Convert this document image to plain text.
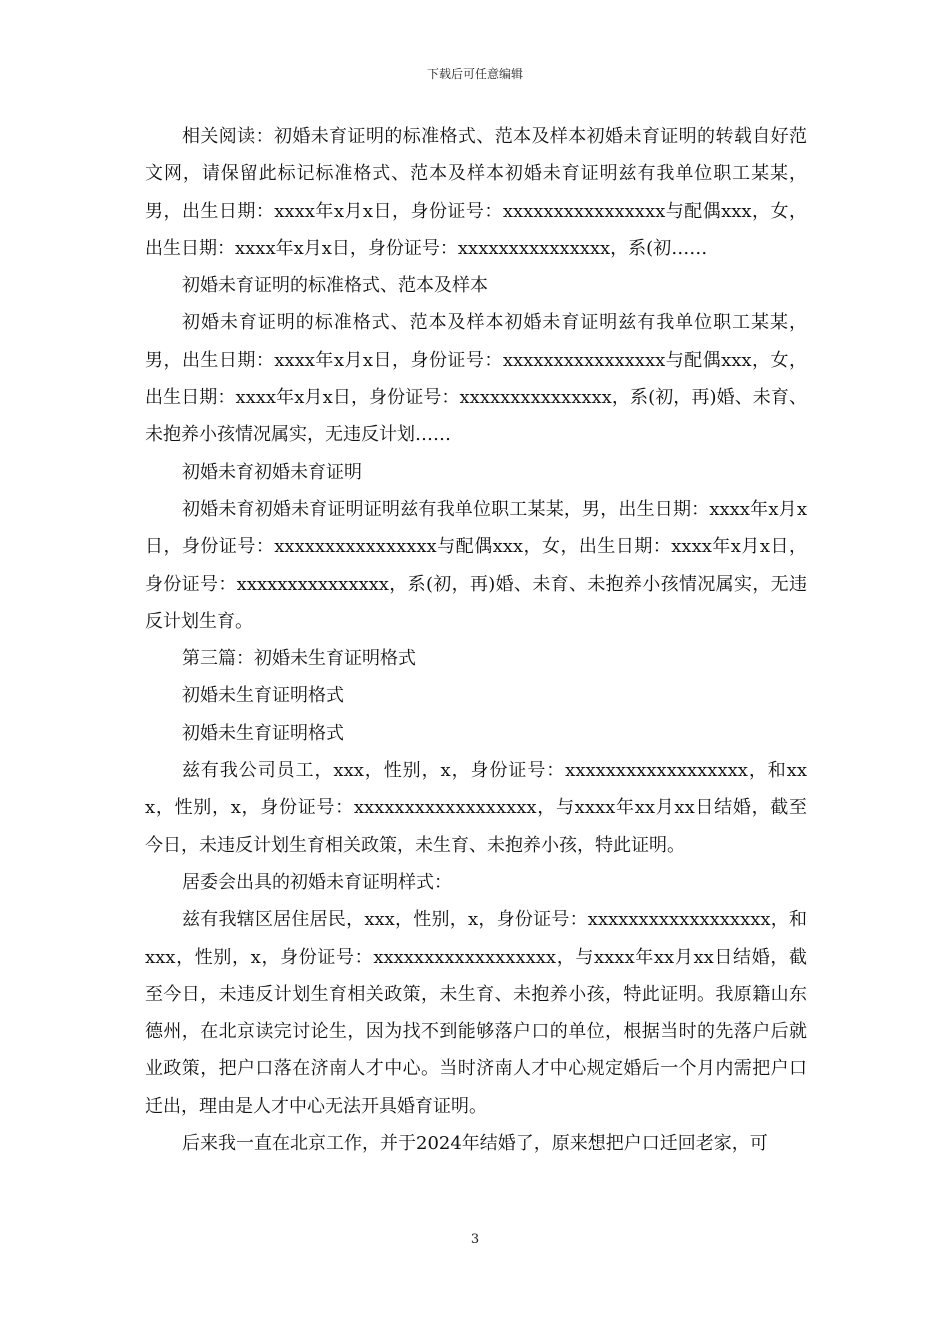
下载后可任意编辑

相关阅读：初婚未育证明的标准格式、范本及样本初婚未育证明的转载自好范文网，请保留此标记标准格式、范本及样本初婚未育证明兹有我单位职工某某，男，出生日期：xxxx年x月x日，身份证号：xxxxxxxxxxxxxxxx与配偶xxx，女，出生日期：xxxx年x月x日，身份证号：xxxxxxxxxxxxxxx，系(初……

初婚未育证明的标准格式、范本及样本

初婚未育证明的标准格式、范本及样本初婚未育证明兹有我单位职工某某，男，出生日期：xxxx年x月x日，身份证号：xxxxxxxxxxxxxxxx与配偶xxx，女，出生日期：xxxx年x月x日，身份证号：xxxxxxxxxxxxxxx，系(初，再)婚、未育、未抱养小孩情况属实，无违反计划……

初婚未育初婚未育证明

初婚未育初婚未育证明证明兹有我单位职工某某，男，出生日期：xxxx年x月x日，身份证号：xxxxxxxxxxxxxxxx与配偶xxx，女，出生日期：xxxx年x月x日，身份证号：xxxxxxxxxxxxxxx，系(初，再)婚、未育、未抱养小孩情况属实，无违反计划生育。

第三篇：初婚未生育证明格式

初婚未生育证明格式

初婚未生育证明格式

兹有我公司员工，xxx，性别，x，身份证号：xxxxxxxxxxxxxxxxxx，和xxx，性别，x，身份证号：xxxxxxxxxxxxxxxxxx，与xxxx年xx月xx日结婚，截至今日，未违反计划生育相关政策，未生育、未抱养小孩，特此证明。

居委会出具的初婚未育证明样式：

兹有我辖区居住居民，xxx，性别，x，身份证号：xxxxxxxxxxxxxxxxxx，和xxx，性别，x，身份证号：xxxxxxxxxxxxxxxxxx，与xxxx年xx月xx日结婚，截至今日，未违反计划生育相关政策，未生育、未抱养小孩，特此证明。我原籍山东德州，在北京读完讨论生，因为找不到能够落户口的单位，根据当时的先落户后就业政策，把户口落在济南人才中心。当时济南人才中心规定婚后一个月内需把户口迁出，理由是人才中心无法开具婚育证明。

后来我一直在北京工作，并于2024年结婚了，原来想把户口迁回老家，可

3
